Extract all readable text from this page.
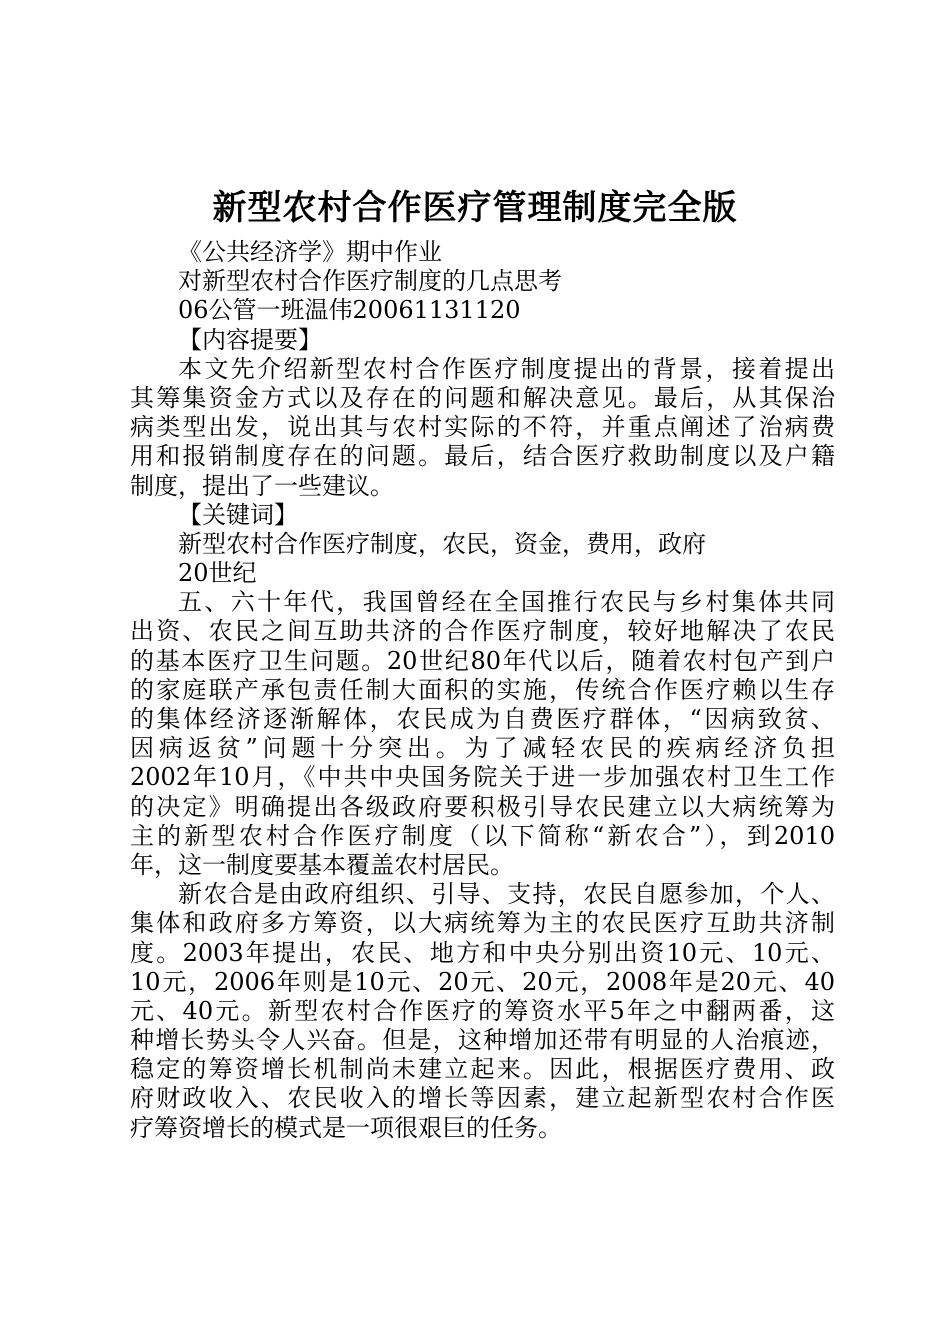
新型农村合作医疗管理制度完全版
《公共经济学》期中作业
对新型农村合作医疗制度的几点思考
06公管一班温伟20061131120
【内容提要】
本文先介绍新型农村合作医疗制度提出的背景，接着提出
其筹集资金方式以及存在的问题和解决意见。最后，从其保治
病类型出发，说出其与农村实际的不符，并重点阐述了治病费
用和报销制度存在的问题。最后，结合医疗救助制度以及户籍
制度，提出了一些建议。
【关键词】
新型农村合作医疗制度，农民，资金，费用，政府
20世纪
五、六十年代，我国曾经在全国推行农民与乡村集体共同
出资、农民之间互助共济的合作医疗制度，较好地解决了农民
的基本医疗卫生问题。20世纪80年代以后，随着农村包产到户
的家庭联产承包责任制大面积的实施，传统合作医疗赖以生存
的集体经济逐渐解体，农民成为自费医疗群体，“因病致贫、
因病返贫”问题十分突出。为了减轻农民的疾病经济负担
2002年10月，《中共中央国务院关于进一步加强农村卫生工作
的决定》明确提出各级政府要积极引导农民建立以大病统筹为
主的新型农村合作医疗制度（以下简称“新农合”），到2010
年，这一制度要基本覆盖农村居民。
新农合是由政府组织、引导、支持，农民自愿参加，个人、
集体和政府多方筹资，以大病统筹为主的农民医疗互助共济制
度。2003年提出，农民、地方和中央分别出资10元、10元、
10元，2006年则是10元、20元、20元，2008年是20元、40
元、40元。新型农村合作医疗的筹资水平5年之中翻两番，这
种增长势头令人兴奋。但是，这种增加还带有明显的人治痕迹，
稳定的筹资增长机制尚未建立起来。因此，根据医疗费用、政
府财政收入、农民收入的增长等因素，建立起新型农村合作医
疗筹资增长的模式是一项很艰巨的任务。
